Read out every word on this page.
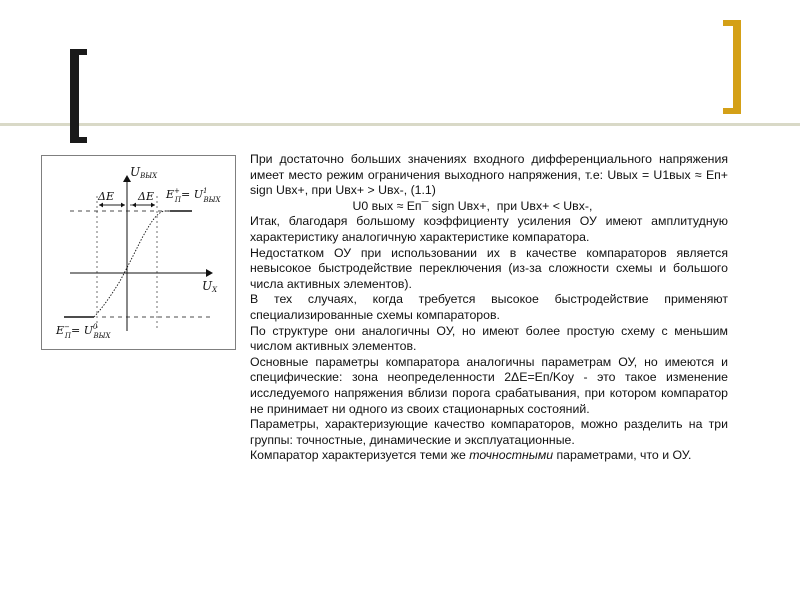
UВЫХ
UХ
ΔE ΔE E+ $П= U^1$ ВЫХ
E− $П= U^0$ ВЫХ

При достаточно больших значениях входного дифференциального напряжения имеет место режим ограничения выходного напряжения, т.е: Uвых = U1вых ≈ Eп+ sign Uвх+, при Uвх+ > Uвх-, (1.1)

U0 вых ≈ Eп¯ sign Uвх+,  при Uвх+ < Uвх-,

Итак, благодаря большому коэффициенту усиления ОУ имеют амплитудную характеристику аналогичную характеристике компаратора.

Недостатком ОУ при использовании их в качестве компараторов является невысокое быстродействие переключения (из-за сложности схемы и большого числа активных элементов).

В тех случаях, когда требуется высокое быстродействие применяют специализированные схемы компараторов.

По структуре они аналогичны ОУ, но имеют более простую схему с меньшим числом активных элементов.

Основные параметры компаратора аналогичны параметрам ОУ, но имеются и специфические: зона неопределенности 2ΔE=Eп/Kоу - это такое изменение исследуемого напряжения вблизи порога срабатывания, при котором компаратор не принимает ни одного из своих стационарных состояний.

Параметры, характеризующие качество компараторов, можно разделить на три группы: точностные, динамические и эксплуатационные.

Компаратор характеризуется теми же точностными параметрами, что и ОУ.
